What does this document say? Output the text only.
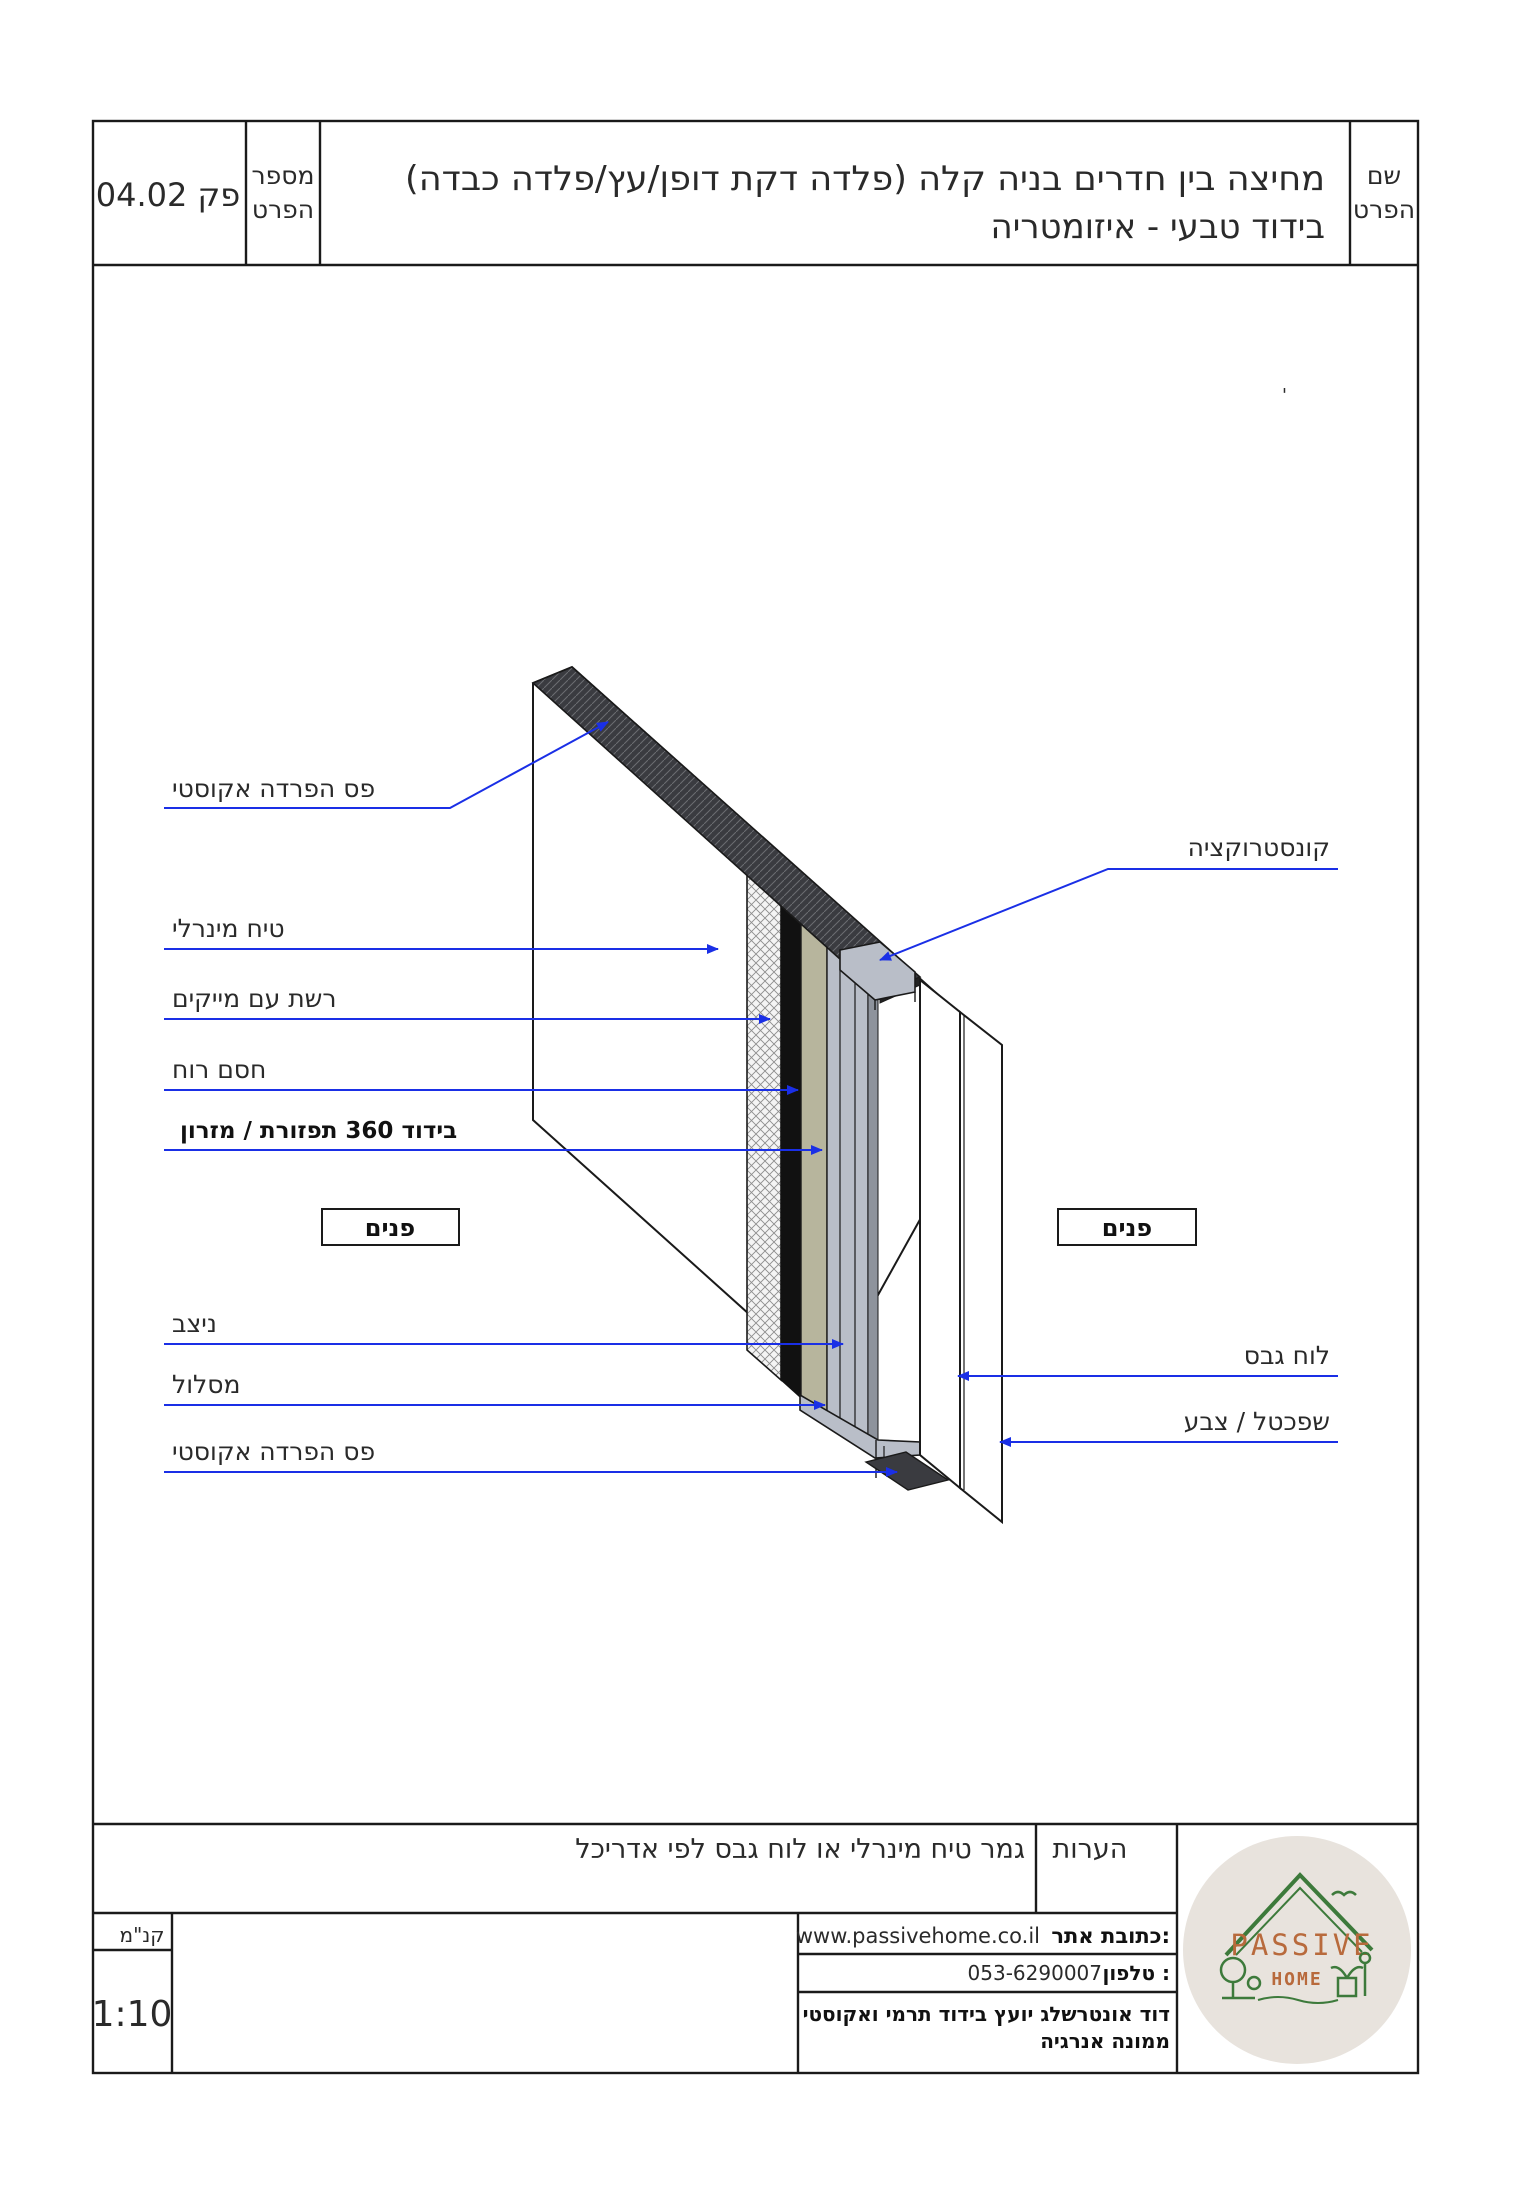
שם
הפרט
מחיצה בין חדרים בניה קלה (פלדה דקת דופן/עץ/פלדה כבדה)
בידוד טבעי - איזומטריה
מספר
הפרט
פק 04.02
'
פס הפרדה אקוסטי
טיח מינרלי
רשת עם מייקים
חסם רוח
בידוד 360 תפזורת / מזרון
ניצב
מסלול
פס הפרדה אקוסטי
קונסטרוקציה
לוח גבס
שפכטל / צבע
פנים	פנים
הערות
גמר טיח מינרלי או לוח גבס לפי אדריכל
קנ"מ
1:10
כתובת אתר:
www.passivehome.co.il
טלפון :
053-6290007
דוד אונטרשלג יועץ בידוד תרמי ואקוסטי
ממונה אנרגיה
PASSIVE
HOME
